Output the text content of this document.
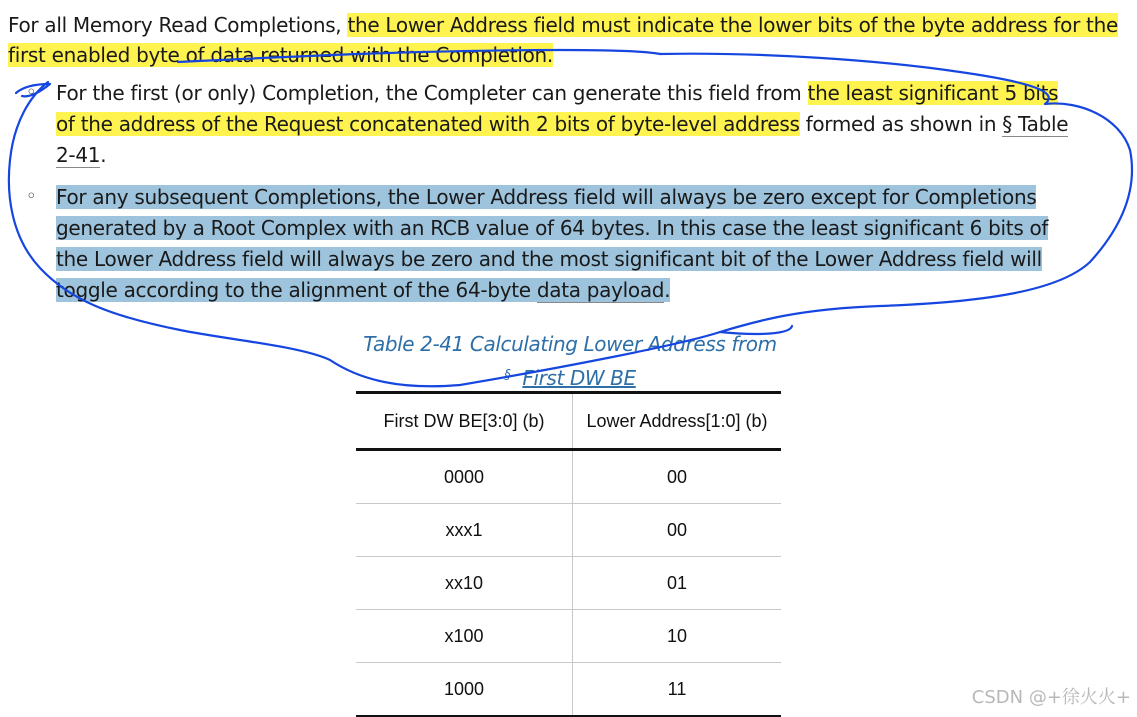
For all Memory Read Completions, the Lower Address field must indicate the lower bits of the byte address for the first enabled byte of data returned with the Completion.
◦ For the first (or only) Completion, the Completer can generate this field from the least significant 5 bits of the address of the Request concatenated with 2 bits of byte-level address formed as shown in § Table 2-41.
◦ For any subsequent Completions, the Lower Address field will always be zero except for Completions generated by a Root Complex with an RCB value of 64 bytes. In this case the least significant 6 bits of the Lower Address field will always be zero and the most significant bit of the Lower Address field will toggle according to the alignment of the 64-byte data payload.
Table 2-41 Calculating Lower Address from
§ First DW BE
First DW BE[3:0] (b)	Lower Address[1:0] (b)
0000	00
xxx1	00
xx10	01
x100	10
1000	11	CSDN @+徐火火+
